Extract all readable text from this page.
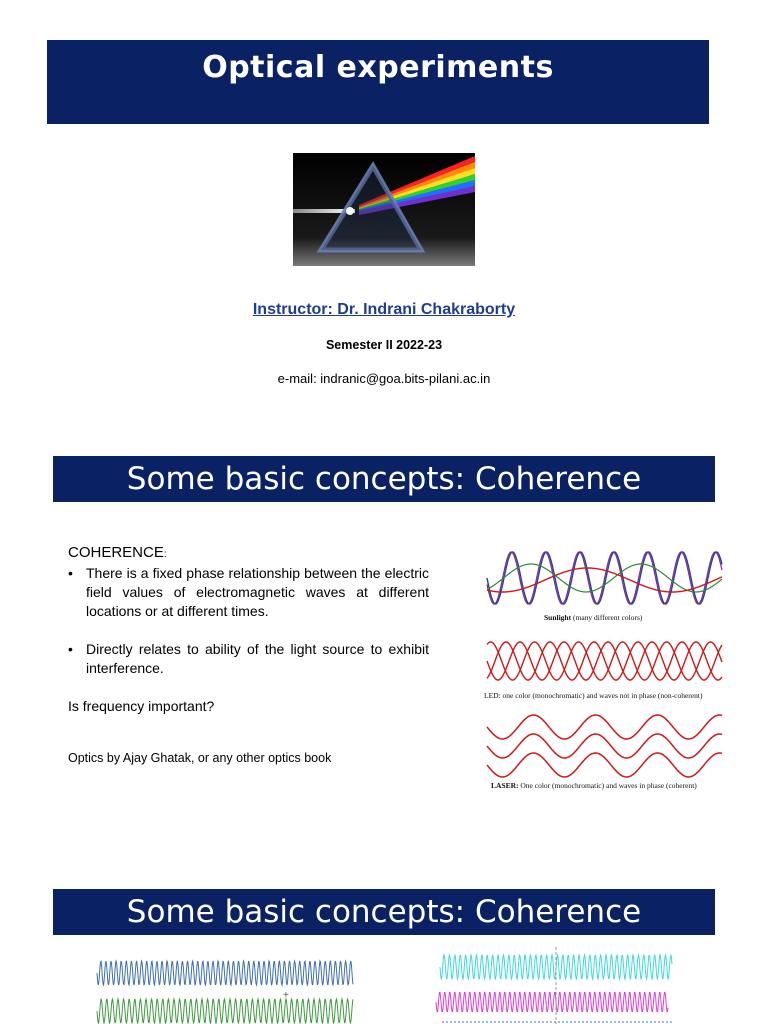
Optical experiments
Instructor: Dr. Indrani Chakraborty
Semester II 2022-23
e-mail: indranic@goa.bits-pilani.ac.in
Some basic concepts: Coherence
COHERENCE:
• There is a fixed phase relationship between the electric field values of electromagnetic waves at different locations or at different times.
• Directly relates to ability of the light source to exhibit interference.
Is frequency important?
Optics by Ajay Ghatak, or any other optics book
Sunlight (many different colors)
LED: one color (monochromatic) and waves not in phase (non-coherent)
LASER: One color (monochromatic) and waves in phase (coherent)
Some basic concepts: Coherence
+
